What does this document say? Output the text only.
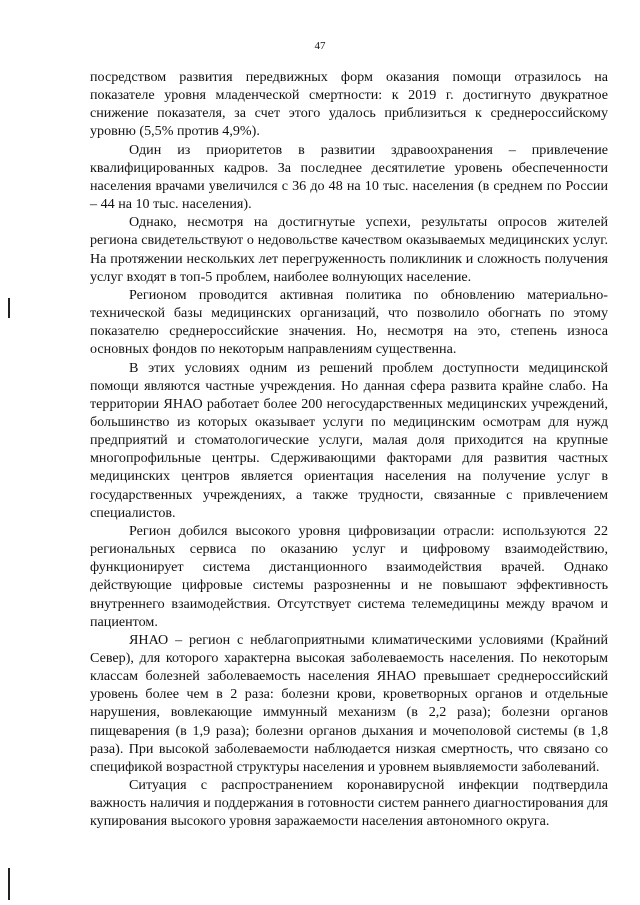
47

посредством развития передвижных форм оказания помощи отразилось на показателе уровня младенческой смертности: к 2019 г. достигнуто двукратное снижение показателя, за счет этого удалось приблизиться к среднероссийскому уровню (5,5% против 4,9%).

Один из приоритетов в развитии здравоохранения – привлечение квалифицированных кадров. За последнее десятилетие уровень обеспеченности населения врачами увеличился с 36 до 48 на 10 тыс. населения (в среднем по России – 44 на 10 тыс. населения).

Однако, несмотря на достигнутые успехи, результаты опросов жителей региона свидетельствуют о недовольстве качеством оказываемых медицинских услуг. На протяжении нескольких лет перегруженность поликлиник и сложность получения услуг входят в топ-5 проблем, наиболее волнующих население.

Регионом проводится активная политика по обновлению материально-технической базы медицинских организаций, что позволило обогнать по этому показателю среднероссийские значения. Но, несмотря на это, степень износа основных фондов по некоторым направлениям существенна.

В этих условиях одним из решений проблем доступности медицинской помощи являются частные учреждения. Но данная сфера развита крайне слабо. На территории ЯНАО работает более 200 негосударственных медицинских учреждений, большинство из которых оказывает услуги по медицинским осмотрам для нужд предприятий и стоматологические услуги, малая доля приходится на крупные многопрофильные центры. Сдерживающими факторами для развития частных медицинских центров является ориентация населения на получение услуг в государственных учреждениях, а также трудности, связанные с привлечением специалистов.

Регион добился высокого уровня цифровизации отрасли: используются 22 региональных сервиса по оказанию услуг и цифровому взаимодействию, функционирует система дистанционного взаимодействия врачей. Однако действующие цифровые системы разрозненны и не повышают эффективность внутреннего взаимодействия. Отсутствует система телемедицины между врачом и пациентом.

ЯНАО – регион с неблагоприятными климатическими условиями (Крайний Север), для которого характерна высокая заболеваемость населения. По некоторым классам болезней заболеваемость населения ЯНАО превышает среднероссийский уровень более чем в 2 раза: болезни крови, кроветворных органов и отдельные нарушения, вовлекающие иммунный механизм (в 2,2 раза); болезни органов пищеварения (в 1,9 раза); болезни органов дыхания и мочеполовой системы (в 1,8 раза). При высокой заболеваемости наблюдается низкая смертность, что связано со спецификой возрастной структуры населения и уровнем выявляемости заболеваний.

Ситуация с распространением коронавирусной инфекции подтвердила важность наличия и поддержания в готовности систем раннего диагностирования для купирования высокого уровня заражаемости населения автономного округа.
